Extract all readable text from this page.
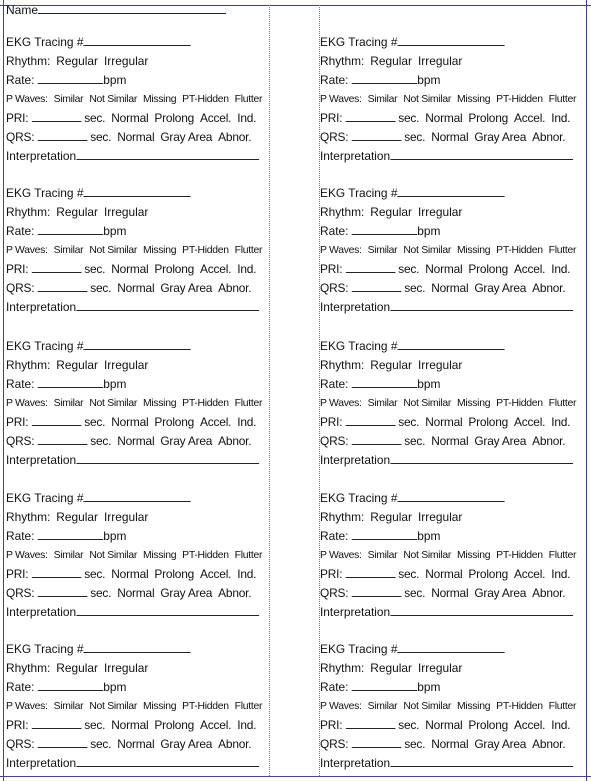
Name
EKG Tracing #
Rhythm: Regular Irregular
Rate:	bpm
P Waves: Similar Not Similar Missing PT-Hidden Flutter
PRI:	sec. Normal Prolong Accel. Ind.
QRS:	sec. Normal Gray Area Abnor.
Interpretation
EKG Tracing #
Rhythm: Regular Irregular
Rate:	bpm
P Waves: Similar Not Similar Missing PT-Hidden Flutter
PRI:	sec. Normal Prolong Accel. Ind.
QRS:	sec. Normal Gray Area Abnor.
Interpretation
EKG Tracing #
Rhythm: Regular Irregular
Rate:	bpm
P Waves: Similar Not Similar Missing PT-Hidden Flutter
PRI:	sec. Normal Prolong Accel. Ind.
QRS:	sec. Normal Gray Area Abnor.
Interpretation
EKG Tracing #
Rhythm: Regular Irregular
Rate:	bpm
P Waves: Similar Not Similar Missing PT-Hidden Flutter
PRI:	sec. Normal Prolong Accel. Ind.
QRS:	sec. Normal Gray Area Abnor.
Interpretation
EKG Tracing #
Rhythm: Regular Irregular
Rate:	bpm
P Waves: Similar Not Similar Missing PT-Hidden Flutter
PRI:	sec. Normal Prolong Accel. Ind.
QRS:	sec. Normal Gray Area Abnor.
Interpretation
EKG Tracing #
Rhythm: Regular Irregular
Rate:	bpm
P Waves: Similar Not Similar Missing PT-Hidden Flutter
PRI:	sec. Normal Prolong Accel. Ind.
QRS:	sec. Normal Gray Area Abnor.
Interpretation
EKG Tracing #
Rhythm: Regular Irregular
Rate:	bpm
P Waves: Similar Not Similar Missing PT-Hidden Flutter
PRI:	sec. Normal Prolong Accel. Ind.
QRS:	sec. Normal Gray Area Abnor.
Interpretation
EKG Tracing #
Rhythm: Regular Irregular
Rate:	bpm
P Waves: Similar Not Similar Missing PT-Hidden Flutter
PRI:	sec. Normal Prolong Accel. Ind.
QRS:	sec. Normal Gray Area Abnor.
Interpretation
EKG Tracing #
Rhythm: Regular Irregular
Rate:	bpm
P Waves: Similar Not Similar Missing PT-Hidden Flutter
PRI:	sec. Normal Prolong Accel. Ind.
QRS:	sec. Normal Gray Area Abnor.
Interpretation
EKG Tracing #
Rhythm: Regular Irregular
Rate:	bpm
P Waves: Similar Not Similar Missing PT-Hidden Flutter
PRI:	sec. Normal Prolong Accel. Ind.
QRS:	sec. Normal Gray Area Abnor.
Interpretation
